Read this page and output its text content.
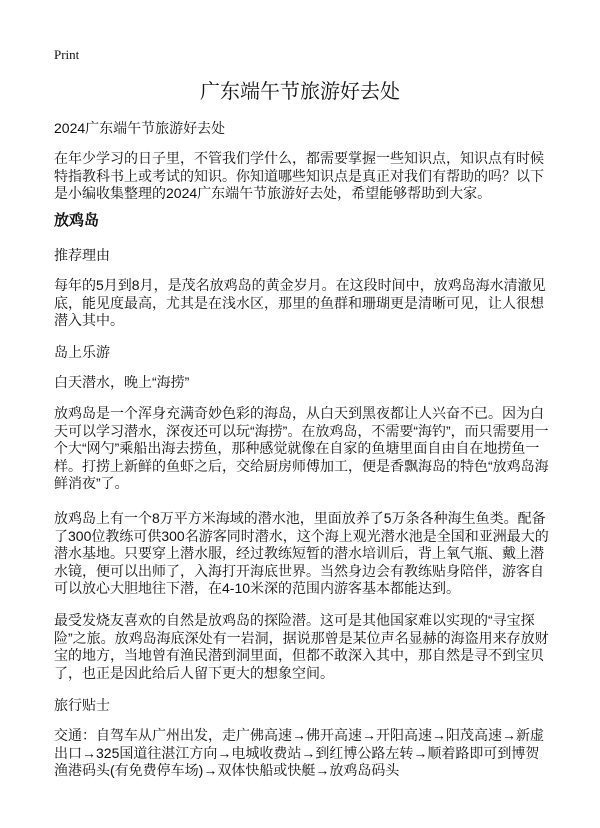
Print
广东端午节旅游好去处

2024广东端午节旅游好去处

在年少学习的日子里，不管我们学什么，都需要掌握一些知识点，知识点有时候特指教科书上或考试的知识。你知道哪些知识点是真正对我们有帮助的吗？以下是小编收集整理的2024广东端午节旅游好去处，希望能够帮助到大家。

放鸡岛

推荐理由

每年的5月到8月，是茂名放鸡岛的黄金岁月。在这段时间中，放鸡岛海水清澈见底，能见度最高，尤其是在浅水区，那里的鱼群和珊瑚更是清晰可见，让人很想潜入其中。

岛上乐游

白天潜水，晚上“海捞”

放鸡岛是一个浑身充满奇妙色彩的海岛，从白天到黑夜都让人兴奋不已。因为白天可以学习潜水，深夜还可以玩“海捞”。在放鸡岛，不需要“海钓”，而只需要用一个大“网勺”乘船出海去捞鱼，那种感觉就像在自家的鱼塘里面自由自在地捞鱼一样。打捞上新鲜的鱼虾之后，交给厨房师傅加工，便是香飘海岛的特色“放鸡岛海鲜消夜”了。

放鸡岛上有一个8万平方米海域的潜水池，里面放养了5万条各种海生鱼类。配备了300位教练可供300名游客同时潜水，这个海上观光潜水池是全国和亚洲最大的潜水基地。只要穿上潜水服，经过教练短暂的潜水培训后，背上氧气瓶、戴上潜水镜，便可以出师了，入海打开海底世界。当然身边会有教练贴身陪伴，游客自可以放心大胆地往下潜，在4-10米深的范围内游客基本都能达到。

最受发烧友喜欢的自然是放鸡岛的探险潜。这可是其他国家难以实现的“寻宝探险”之旅。放鸡岛海底深处有一岩洞，据说那曾是某位声名显赫的海盗用来存放财宝的地方，当地曾有渔民潜到洞里面，但都不敢深入其中，那自然是寻不到宝贝了，也正是因此给后人留下更大的想象空间。

旅行贴士

交通：自驾车从广州出发，走广佛高速→佛开高速→开阳高速→阳茂高速→新虚出口→325国道往湛江方向→电城收费站→到红博公路左转→顺着路即可到博贺渔港码头(有免费停车场)→双体快船或快艇→放鸡岛码头
